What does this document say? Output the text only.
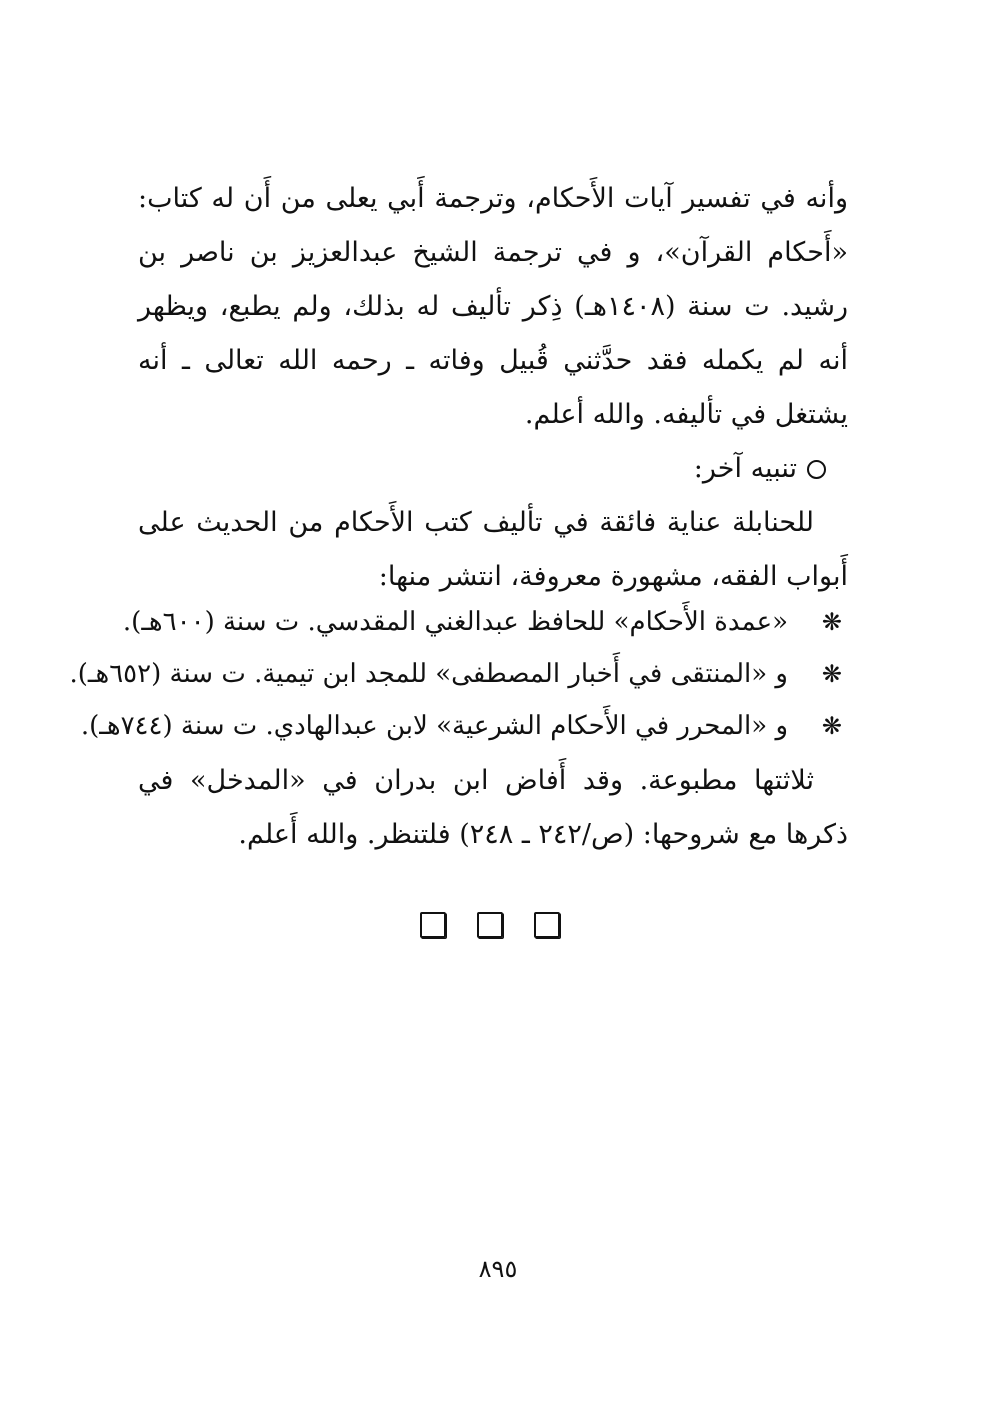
وأنه في تفسير آيات الأَحكام، وترجمة أَبي يعلى من أَن له كتاب: «أَحكام القرآن»، و في ترجمة الشيخ عبدالعزيز بن ناصر بن رشيد. ت سنة (١٤٠٨هـ) ذِكر تأليف له بذلك، ولم يطبع، ويظهر أنه لم يكمله فقد حدَّثني قُبيل وفاته ـ رحمه الله تعالى ـ أنه يشتغل في تأليفه. والله أعلم.

تنبيه آخر:

للحنابلة عناية فائقة في تأليف كتب الأَحكام من الحديث على أَبواب الفقه، مشهورة معروفة، انتشر منها:

❋
«عمدة الأَحكام» للحافظ عبدالغني المقدسي. ت سنة (٦٠٠هـ).
❋
و «المنتقى في أَخبار المصطفى» للمجد ابن تيمية. ت سنة (٦٥٢هـ).
❋
و «المحرر في الأَحكام الشرعية» لابن عبدالهادي. ت سنة (٧٤٤هـ).

ثلاثتها مطبوعة. وقد أَفاض ابن بدران في «المدخل» في ذكرها مع شروحها: (ص/٢٤٢ ـ ٢٤٨) فلتنظر. والله أَعلم.

٨٩٥
